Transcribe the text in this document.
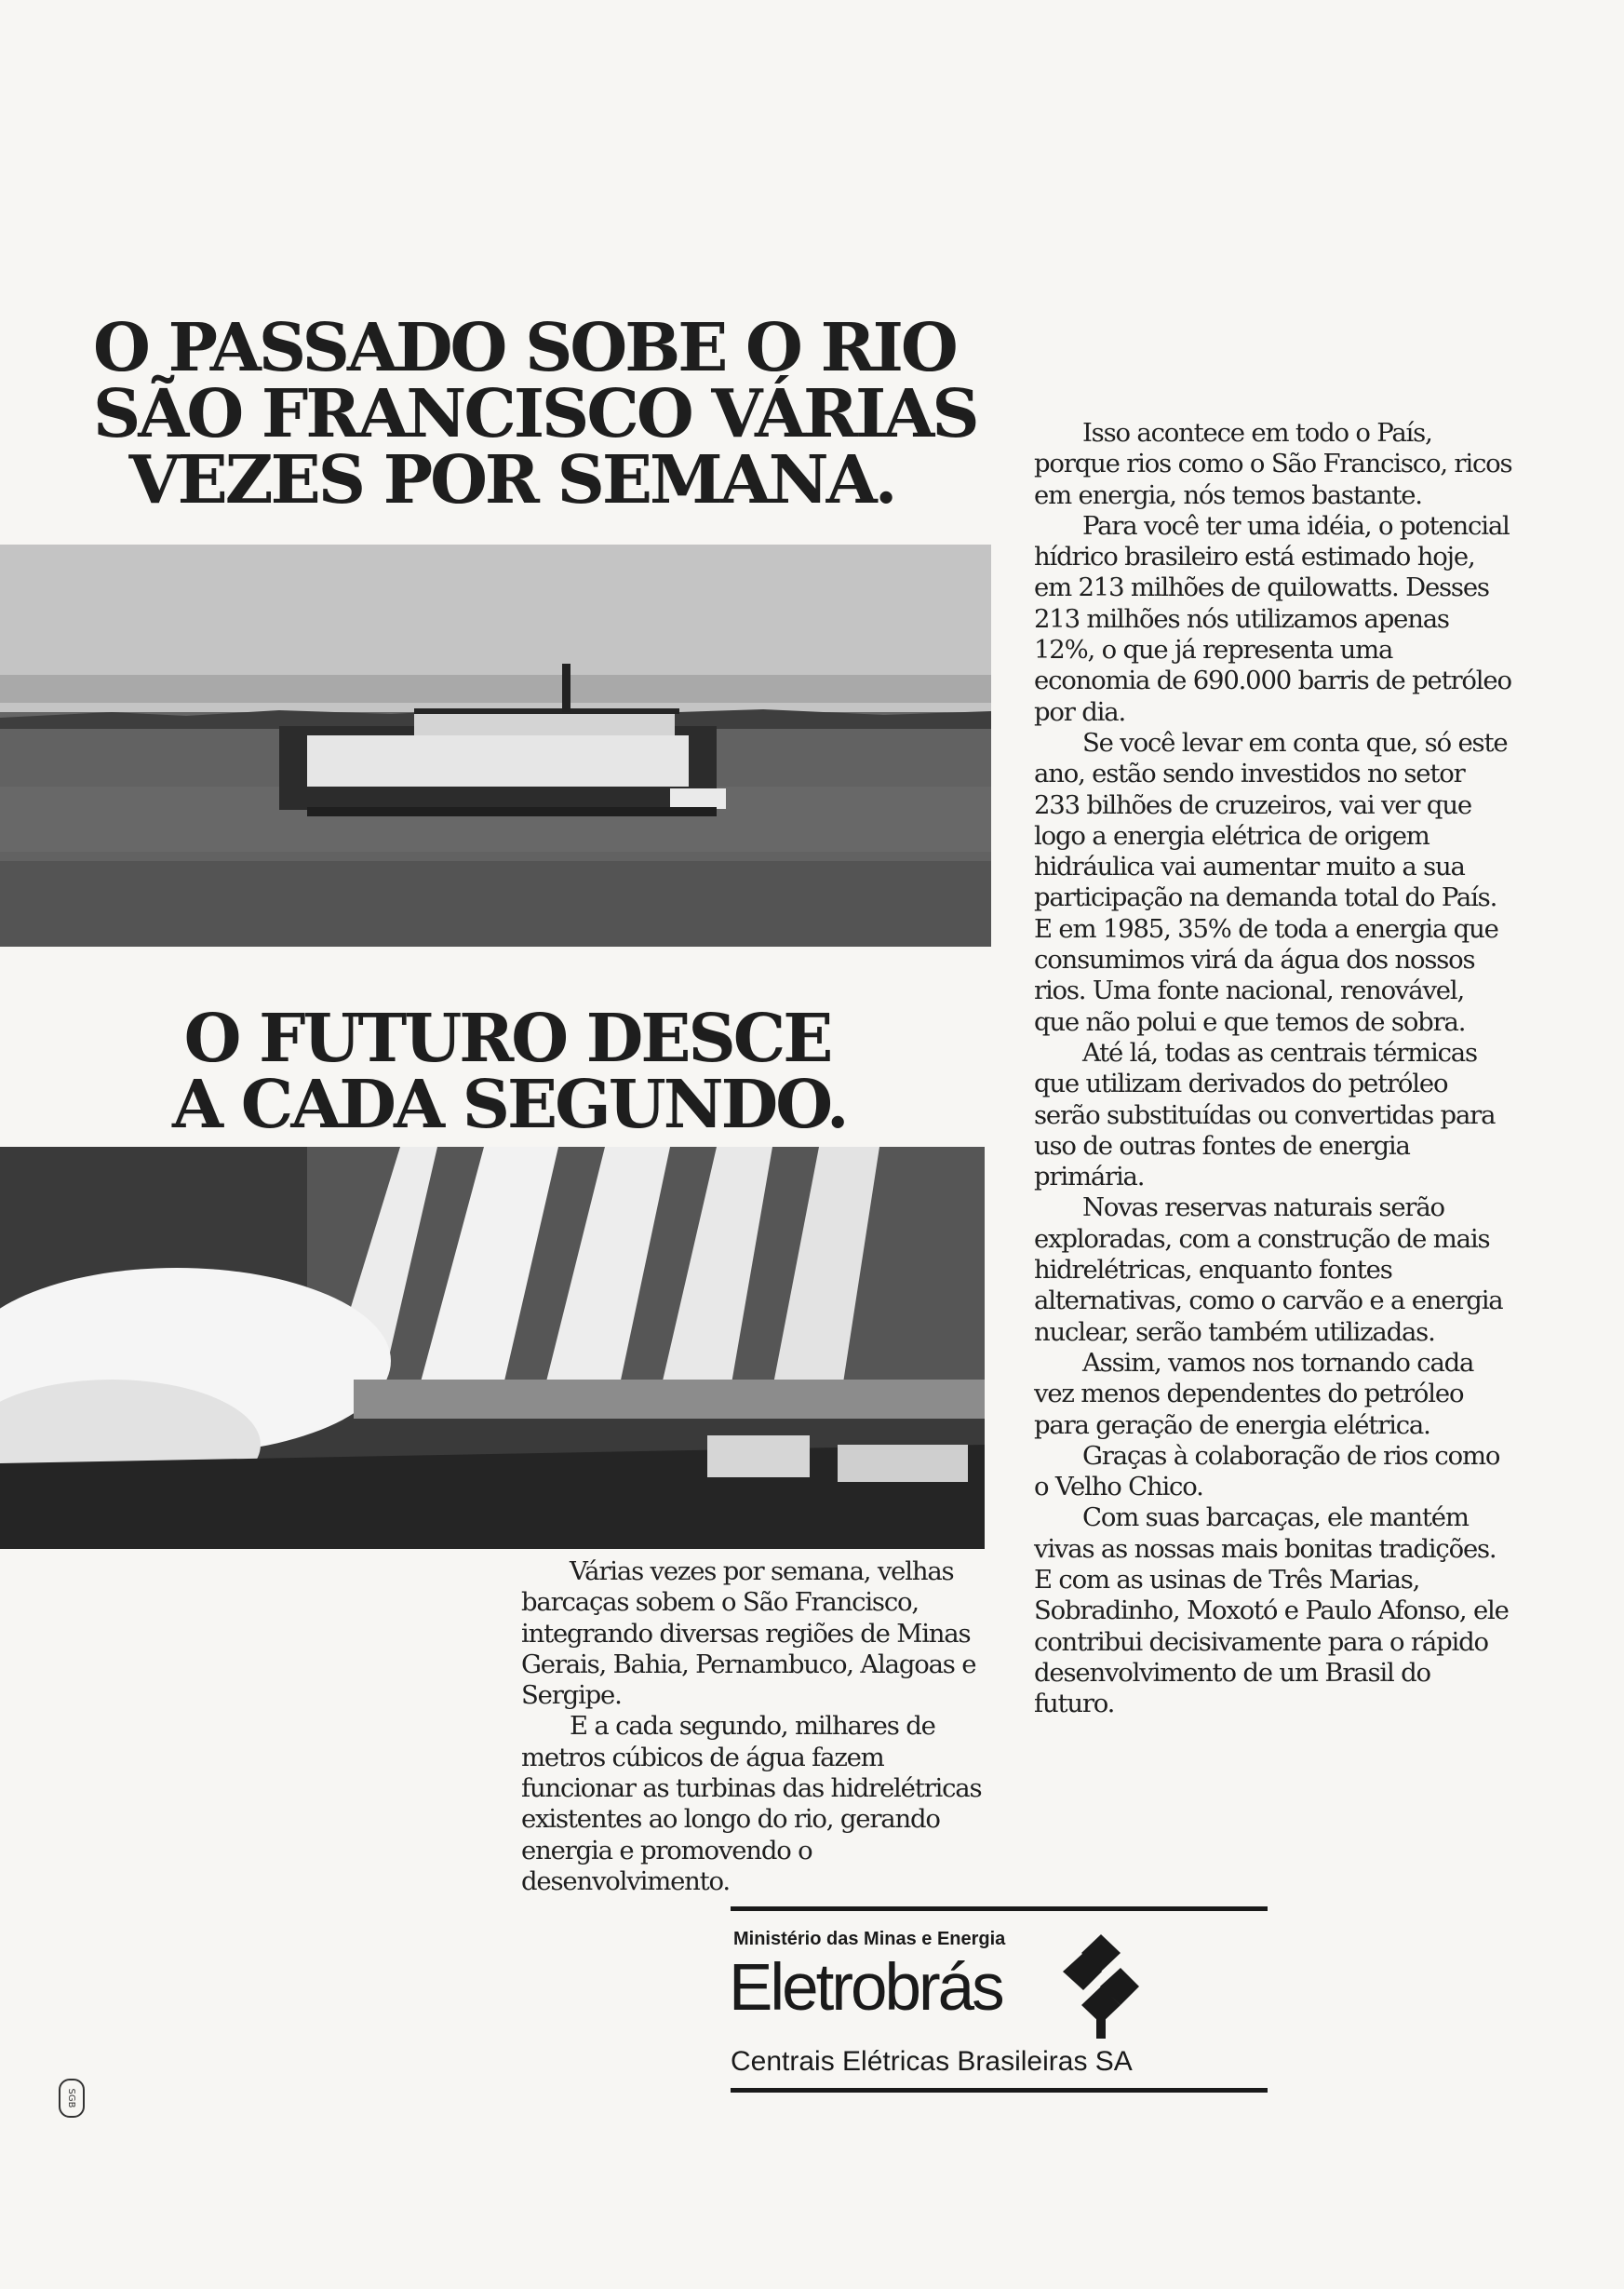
O PASSADO SOBE O RIO
SÃO FRANCISCO VÁRIAS
VEZES POR SEMANA.
O FUTURO DESCE
A CADA SEGUNDO.

Várias vezes por semana, velhas barcaças sobem o São Francisco, integrando diversas regiões de Minas Gerais, Bahia, Pernambuco, Alagoas e Sergipe.

E a cada segundo, milhares de metros cúbicos de água fazem funcionar as turbinas das hidrelétricas existentes ao longo do rio, gerando energia e promovendo o desenvolvimento.

Isso acontece em todo o País, porque rios como o São Francisco, ricos em energia, nós temos bastante.

Para você ter uma idéia, o potencial hídrico brasileiro está estimado hoje, em 213 milhões de quilowatts. Desses 213 milhões nós utilizamos apenas 12%, o que já representa uma economia de 690.000 barris de petróleo por dia.

Se você levar em conta que, só este ano, estão sendo investidos no setor 233 bilhões de cruzeiros, vai ver que logo a energia elétrica de origem hidráulica vai aumentar muito a sua participação na demanda total do País. E em 1985, 35% de toda a energia que consumimos virá da água dos nossos rios. Uma fonte nacional, renovável, que não polui e que temos de sobra.

Até lá, todas as centrais térmicas que utilizam derivados do petróleo serão substituídas ou convertidas para uso de outras fontes de energia primária.

Novas reservas naturais serão exploradas, com a construção de mais hidrelétricas, enquanto fontes alternativas, como o carvão e a energia nuclear, serão também utilizadas.

Assim, vamos nos tornando cada vez menos dependentes do petróleo para geração de energia elétrica.

Graças à colaboração de rios como o Velho Chico.

Com suas barcaças, ele mantém vivas as nossas mais bonitas tradições. E com as usinas de Três Marias, Sobradinho, Moxotó e Paulo Afonso, ele contribui decisivamente para o rápido desenvolvimento de um Brasil do futuro.

Ministério das Minas e Energia

Eletrobrás

Centrais Elétricas Brasileiras SA

SGB
